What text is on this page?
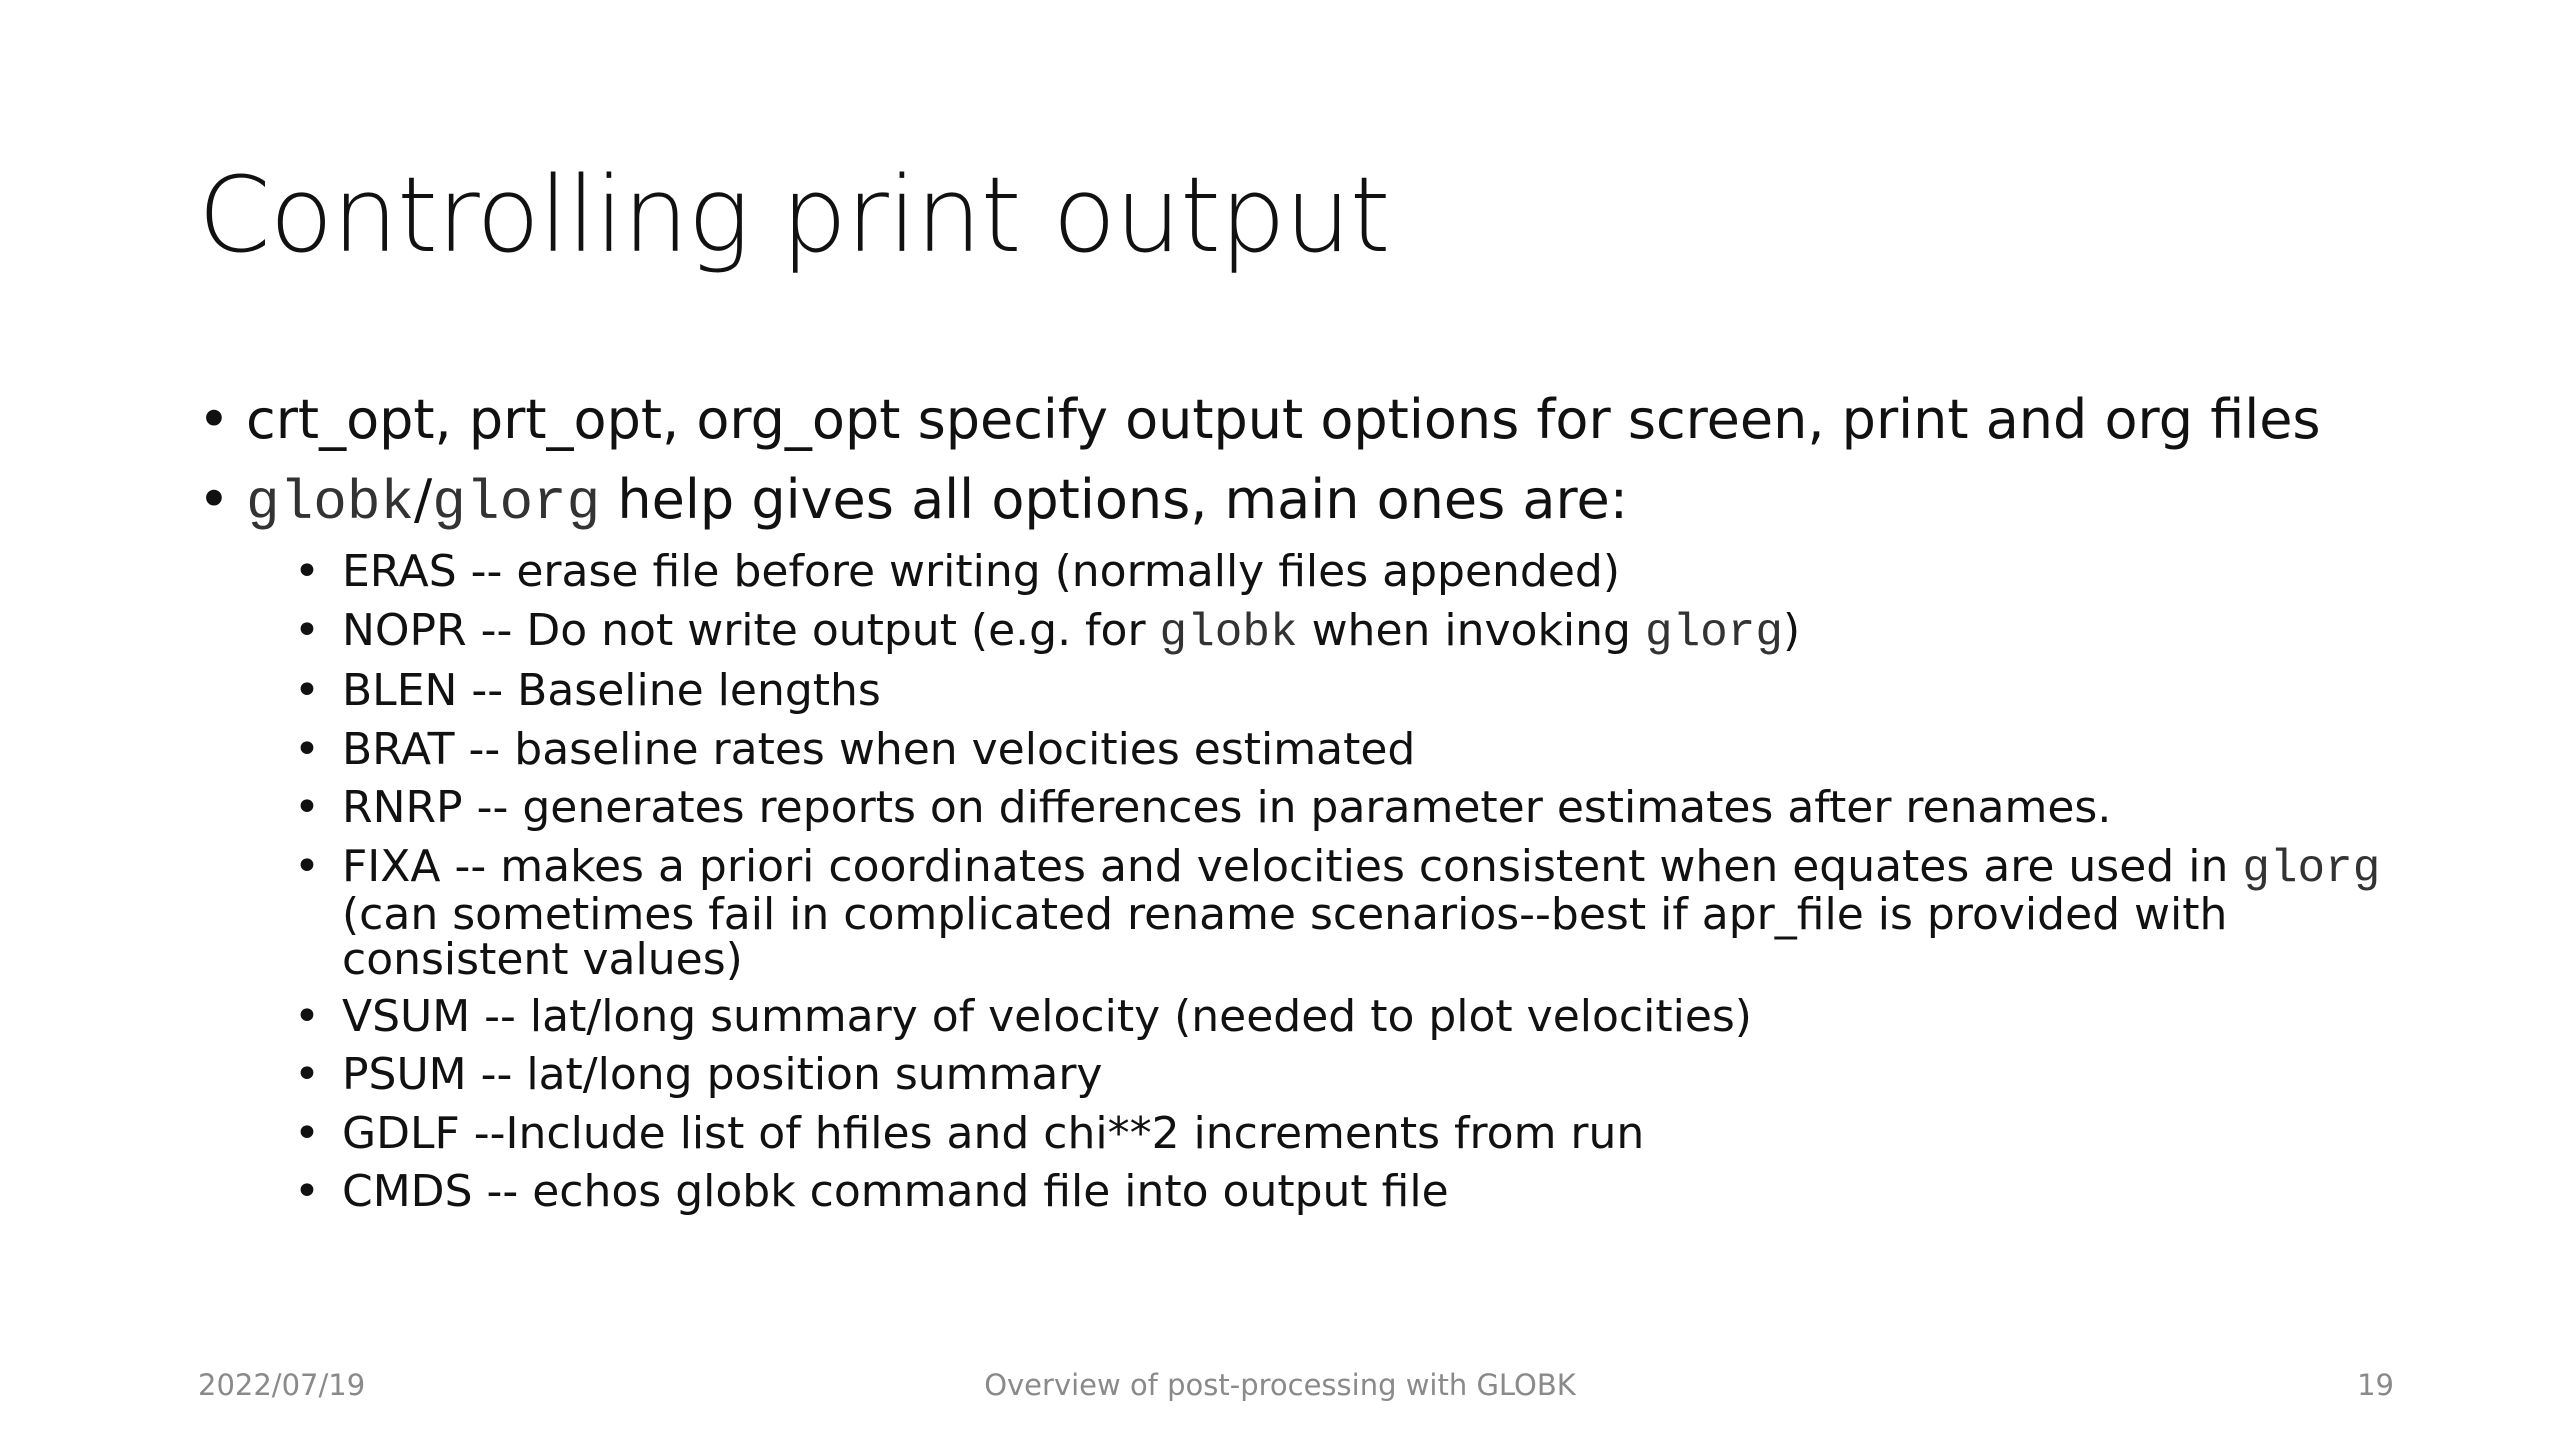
Controlling print output
• crt_opt, prt_opt, org_opt specify output options for screen, print and org files
• globk/glorg help gives all options, main ones are:
• ERAS -- erase file before writing (normally files appended)
• NOPR -- Do not write output (e.g. for globk when invoking glorg)
• BLEN -- Baseline lengths
• BRAT -- baseline rates when velocities estimated
• RNRP -- generates reports on differences in parameter estimates after renames.
• FIXA -- makes a priori coordinates and velocities consistent when equates are used in glorg (can sometimes fail in complicated rename scenarios--best if apr_file is provided with consistent values)
• VSUM -- lat/long summary of velocity (needed to plot velocities)
• PSUM -- lat/long position summary
• GDLF --Include list of hfiles and chi**2 increments from run
• CMDS -- echos globk command file into output file
2022/07/19	Overview of post-processing with GLOBK	19
